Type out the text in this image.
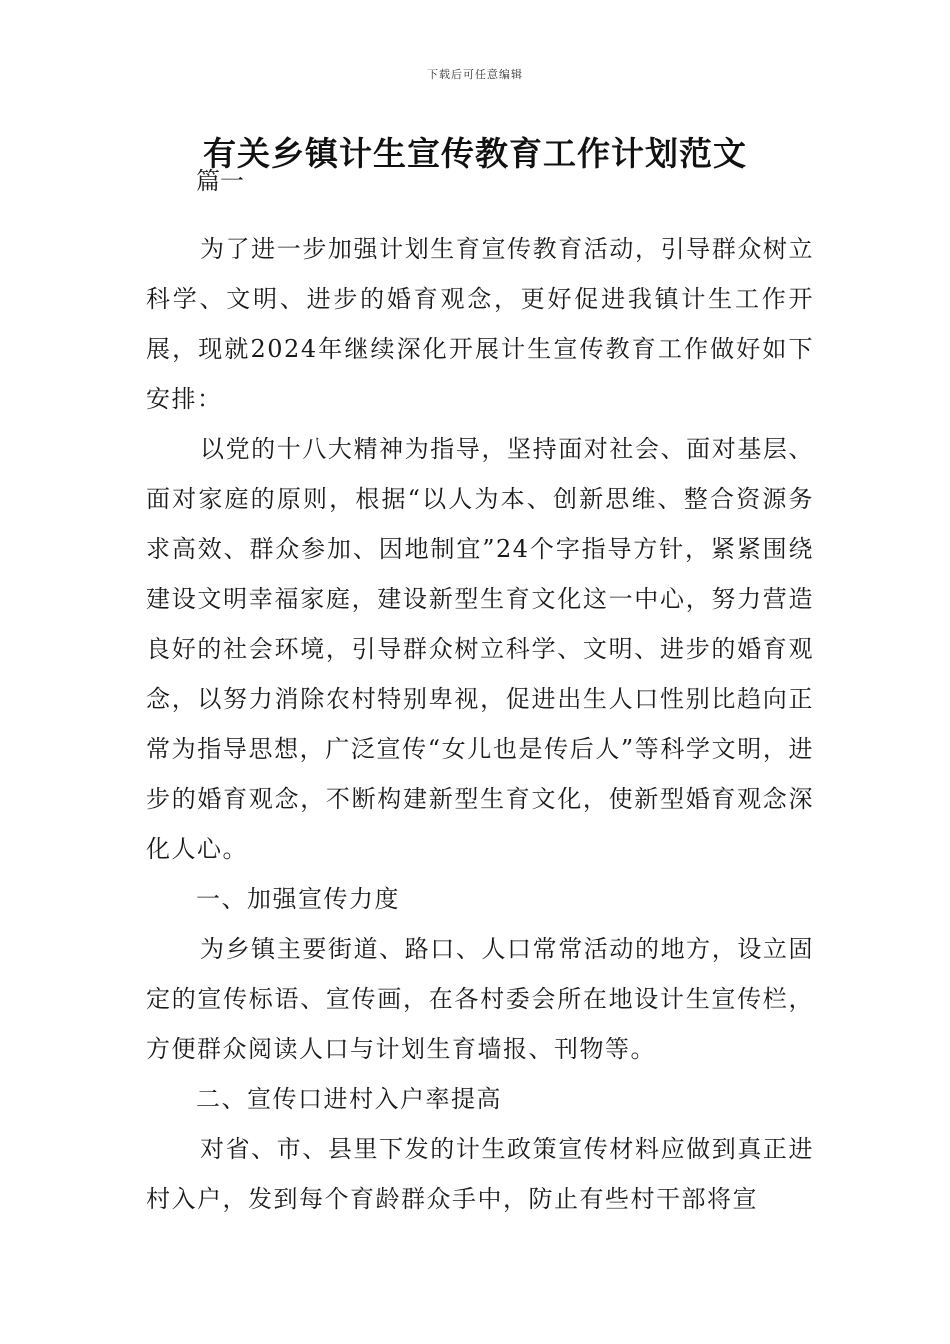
下载后可任意编辑
有关乡镇计生宣传教育工作计划范文
篇一

为了进一步加强计划生育宣传教育活动，引导群众树立科学、文明、进步的婚育观念，更好促进我镇计生工作开展，现就2024年继续深化开展计生宣传教育工作做好如下安排：

以党的十八大精神为指导，坚持面对社会、面对基层、面对家庭的原则，根据“以人为本、创新思维、整合资源务求高效、群众参加、因地制宜”24个字指导方针，紧紧围绕建设文明幸福家庭，建设新型生育文化这一中心，努力营造良好的社会环境，引导群众树立科学、文明、进步的婚育观念，以努力消除农村特别卑视，促进出生人口性别比趋向正常为指导思想，广泛宣传“女儿也是传后人”等科学文明，进步的婚育观念，不断构建新型生育文化，使新型婚育观念深化人心。

一、加强宣传力度

为乡镇主要街道、路口、人口常常活动的地方，设立固定的宣传标语、宣传画，在各村委会所在地设计生宣传栏，方便群众阅读人口与计划生育墙报、刊物等。

二、宣传口进村入户率提高

对省、市、县里下发的计生政策宣传材料应做到真正进村入户，发到每个育龄群众手中，防止有些村干部将宣
